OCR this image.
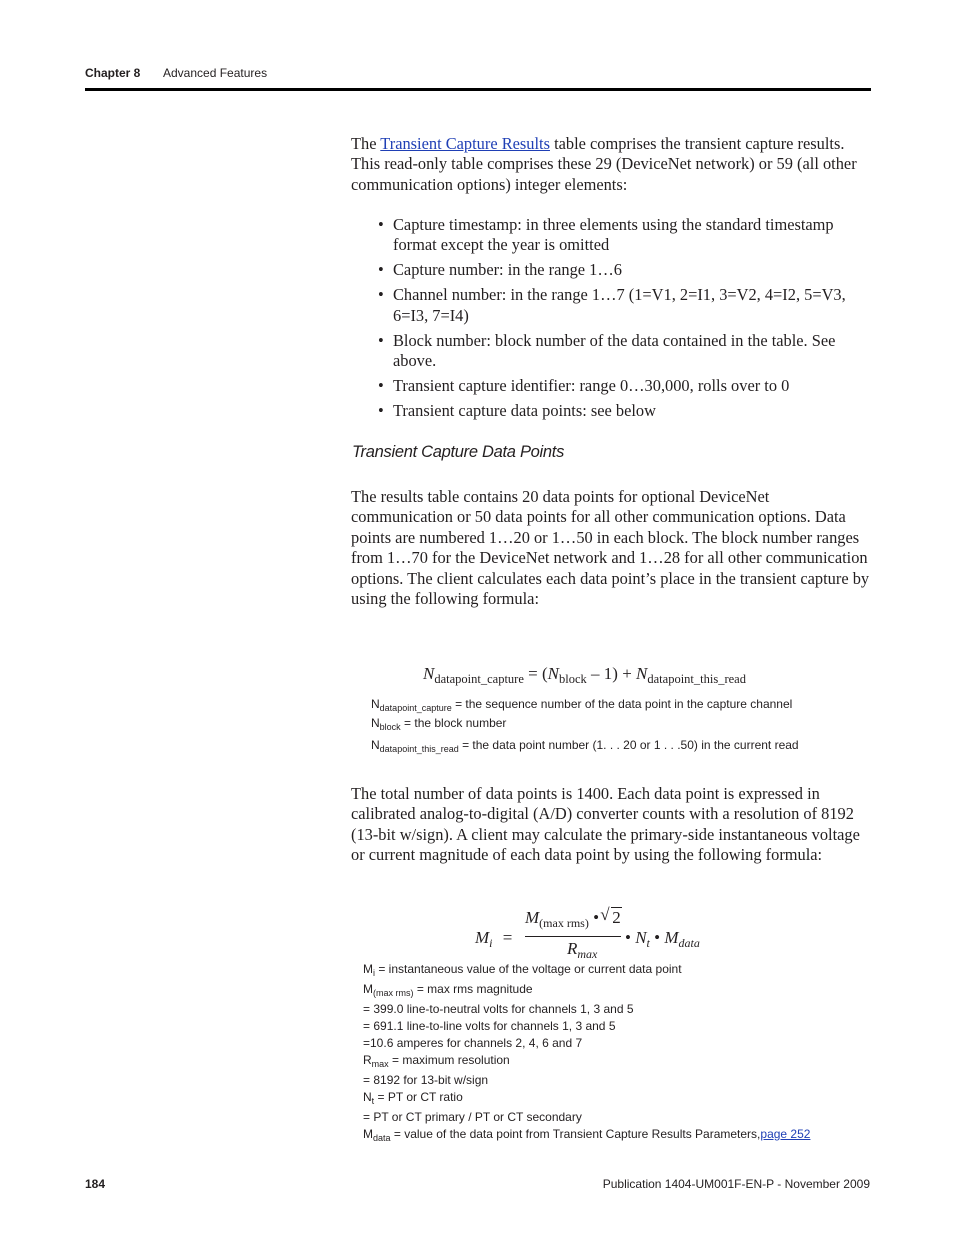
Chapter 8 Advanced Features
The Transient Capture Results table comprises the transient capture results. This read-only table comprises these 29 (DeviceNet network) or 59 (all other communication options) integer elements:
• Capture timestamp: in three elements using the standard timestamp format except the year is omitted
• Capture number: in the range 1…6
• Channel number: in the range 1…7 (1=V1, 2=I1, 3=V2, 4=I2, 5=V3, 6=I3, 7=I4)
• Block number: block number of the data contained in the table. See above.
• Transient capture identifier: range 0…30,000, rolls over to 0
• Transient capture data points: see below
Transient Capture Data Points
The results table contains 20 data points for optional DeviceNet communication or 50 data points for all other communication options. Data points are numbered 1…20 or 1…50 in each block. The block number ranges from 1…70 for the DeviceNet network and 1…28 for all other communication options. The client calculates each data point’s place in the transient capture by using the following formula:
$N_{datapoint\_capture} = (N_{block} - 1) + N_{datapoint\_this\_read}$
$N_{datapoint\_capture}$ = the sequence number of the data point in the capture channel
$N_{block}$ = the block number
$N_{datapoint\_this\_read}$ = the data point number (1. . . 20 or 1 . . .50) in the current read
The total number of data points is 1400. Each data point is expressed in calibrated analog-to-digital (A/D) converter counts with a resolution of 8192 (13-bit w/sign). A client may calculate the primary-side instantaneous voltage or current magnitude of each data point by using the following formula:
$M_i$ =
$M_{(max rms)}$ • √ 2
$R_{max}$
• $N_t$ • $M_{data}$
$M_i$ = instantaneous value of the voltage or current data point
$M_{(max rms)} = \max$ rms magnitude
= 399.0 line-to-neutral volts for channels 1, 3 and 5
= 691.1 line-to-line volts for channels 1, 3 and 5
=10.6 amperes for channels 2, 4, 6 and 7
$R_{max}$ = maximum resolution
= 8192 for 13-bit w/sign
$N_t$ = PT or CT ratio
= PT or CT primary / PT or CT secondary
$M_{data}$ = value of the data point from Transient Capture Results Parameters,page 252
184	Publication 1404-UM001F-EN-P - November 2009
